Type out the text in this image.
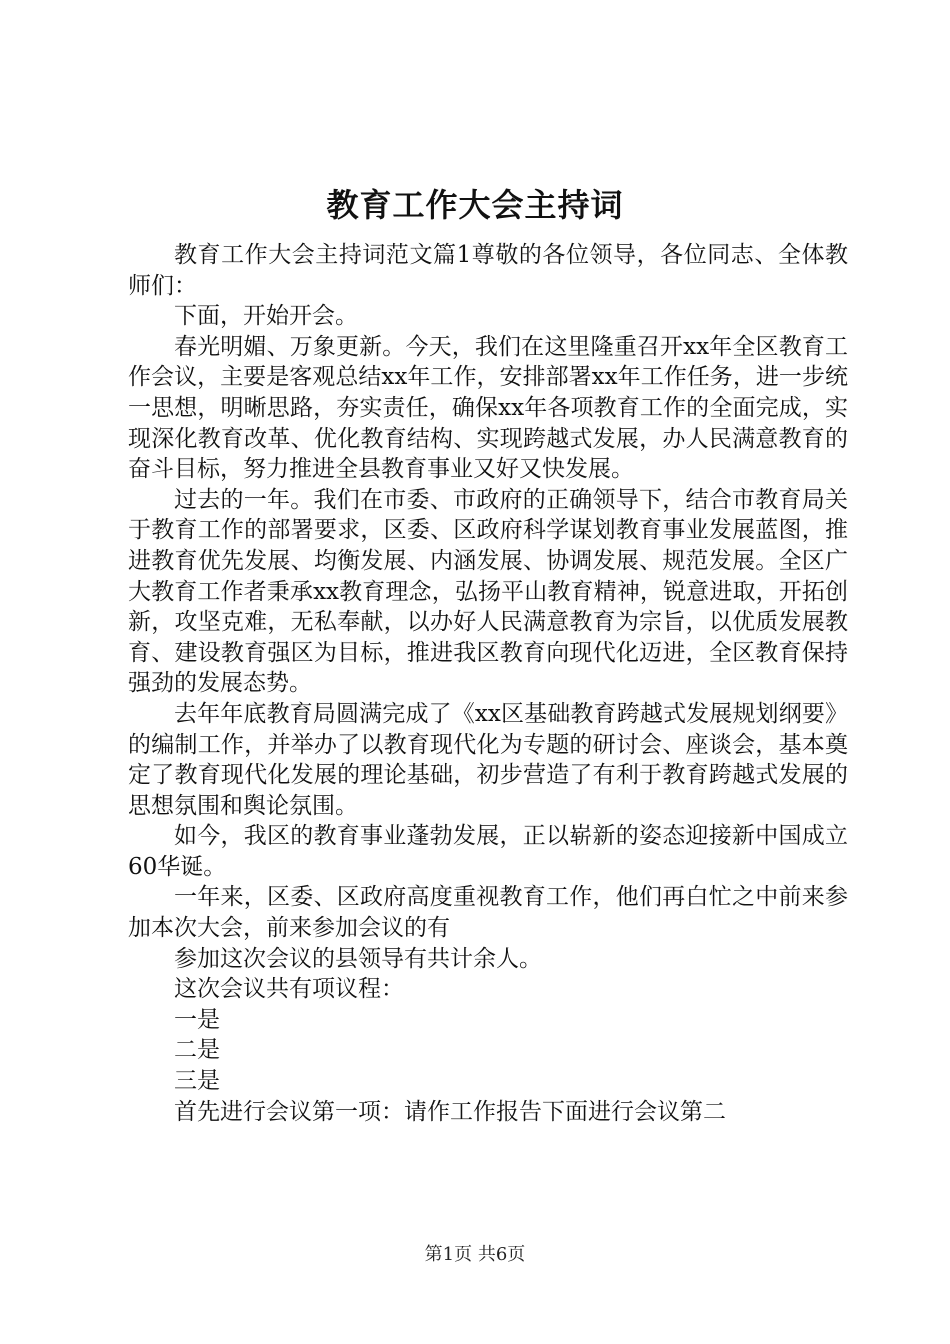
教育工作大会主持词

教育工作大会主持词范文篇1尊敬的各位领导，各位同志、全体教师们：

下面，开始开会。

春光明媚、万象更新。今天，我们在这里隆重召开xx年全区教育工作会议，主要是客观总结xx年工作，安排部署xx年工作任务，进一步统一思想，明晰思路，夯实责任，确保xx年各项教育工作的全面完成，实现深化教育改革、优化教育结构、实现跨越式发展，办人民满意教育的奋斗目标，努力推进全县教育事业又好又快发展。

过去的一年。我们在市委、市政府的正确领导下，结合市教育局关于教育工作的部署要求，区委、区政府科学谋划教育事业发展蓝图，推进教育优先发展、均衡发展、内涵发展、协调发展、规范发展。全区广大教育工作者秉承xx教育理念，弘扬平山教育精神，锐意进取，开拓创新，攻坚克难，无私奉献，以办好人民满意教育为宗旨，以优质发展教育、建设教育强区为目标，推进我区教育向现代化迈进，全区教育保持强劲的发展态势。

去年年底教育局圆满完成了《xx区基础教育跨越式发展规划纲要》的编制工作，并举办了以教育现代化为专题的研讨会、座谈会，基本奠定了教育现代化发展的理论基础，初步营造了有利于教育跨越式发展的思想氛围和舆论氛围。

如今，我区的教育事业蓬勃发展，正以崭新的姿态迎接新中国成立60华诞。

一年来，区委、区政府高度重视教育工作，他们再白忙之中前来参加本次大会，前来参加会议的有

参加这次会议的县领导有共计余人。

这次会议共有项议程：

一是

二是

三是

首先进行会议第一项：请作工作报告下面进行会议第二

第1页 共6页
